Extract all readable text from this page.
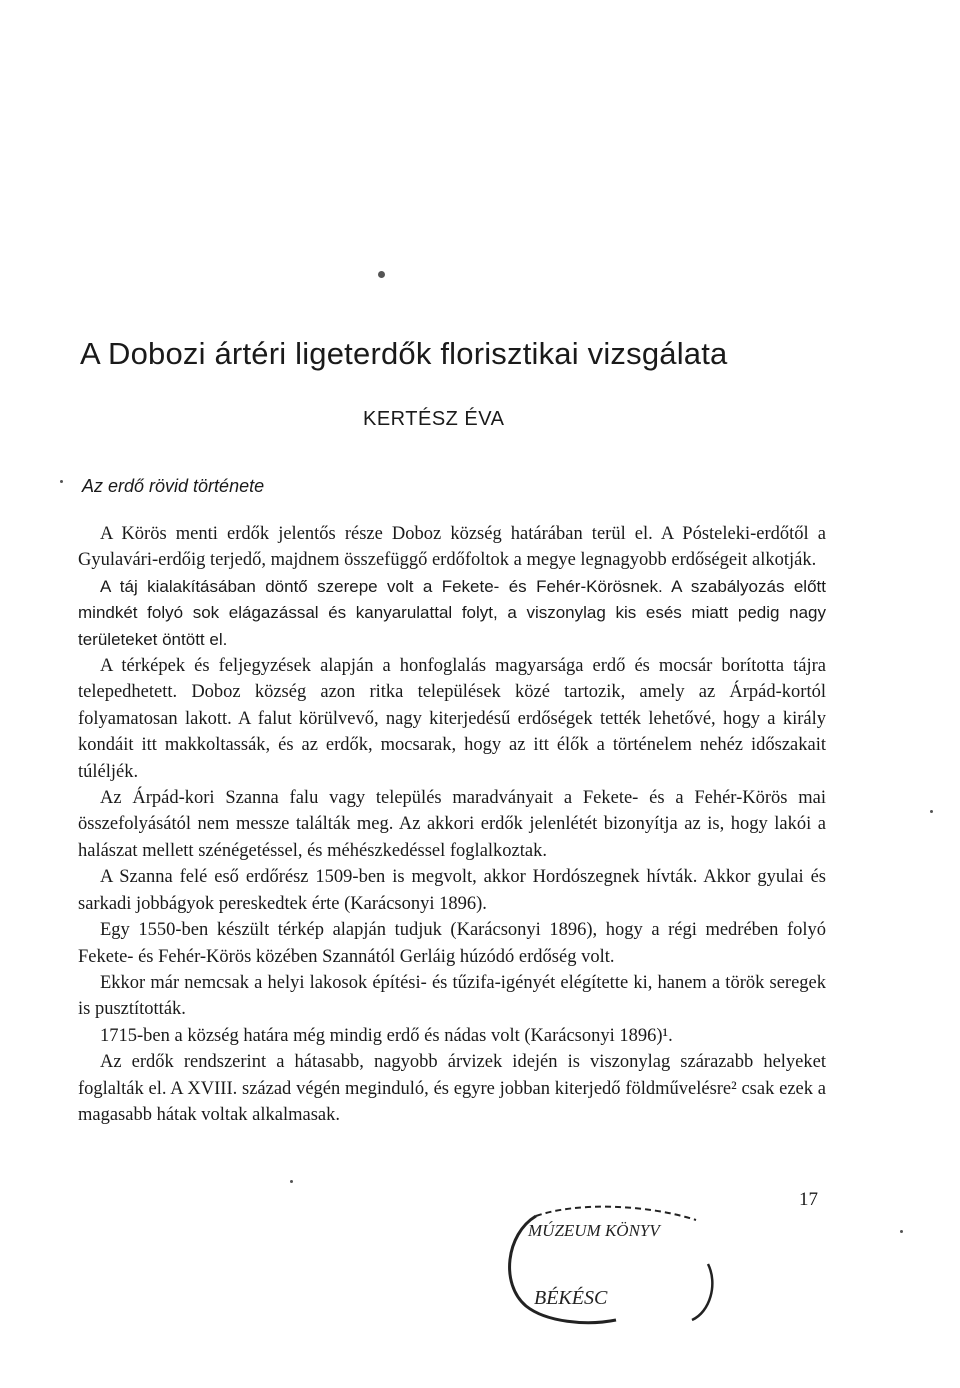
A Dobozi ártéri ligeterdők florisztikai vizsgálata
KERTÉSZ ÉVA
Az erdő rövid története

A Körös menti erdők jelentős része Doboz község határában terül el. A Pósteleki-erdőtől a Gyulavári-erdőig terjedő, majdnem összefüggő erdőfoltok a megye legnagyobb erdőségeit alkotják.

A táj kialakításában döntő szerepe volt a Fekete- és Fehér-Körösnek. A szabályozás előtt mindkét folyó sok elágazással és kanyarulattal folyt, a viszonylag kis esés miatt pedig nagy területeket öntött el.

A térképek és feljegyzések alapján a honfoglalás magyarsága erdő és mocsár borította tájra telepedhetett. Doboz község azon ritka települések közé tartozik, amely az Árpád-kortól folyamatosan lakott. A falut körülvevő, nagy kiterjedésű erdőségek tették lehetővé, hogy a király kondáit itt makkoltassák, és az erdők, mocsarak, hogy az itt élők a történelem nehéz időszakait túléljék.

Az Árpád-kori Szanna falu vagy település maradványait a Fekete- és a Fehér-Körös mai összefolyásától nem messze találták meg. Az akkori erdők jelenlétét bizonyítja az is, hogy lakói a halászat mellett szénégetéssel, és méhészkedéssel foglalkoztak.

A Szanna felé eső erdőrész 1509-ben is megvolt, akkor Hordószegnek hívták. Akkor gyulai és sarkadi jobbágyok pereskedtek érte (Karácsonyi 1896).

Egy 1550-ben készült térkép alapján tudjuk (Karácsonyi 1896), hogy a régi medrében folyó Fekete- és Fehér-Körös közében Szannától Gerláig húzódó erdőség volt.

Ekkor már nemcsak a helyi lakosok építési- és tűzifa-igényét elégítette ki, hanem a török seregek is pusztították.

1715-ben a község határa még mindig erdő és nádas volt (Karácsonyi 1896)¹.

Az erdők rendszerint a hátasabb, nagyobb árvizek idején is viszonylag szárazabb helyeket foglalták el. A XVIII. század végén meginduló, és egyre jobban kiterjedő földművelésre² csak ezek a magasabb hátak voltak alkalmasak.

17
MÚZEUM KÖNYV
BÉKÉSC
